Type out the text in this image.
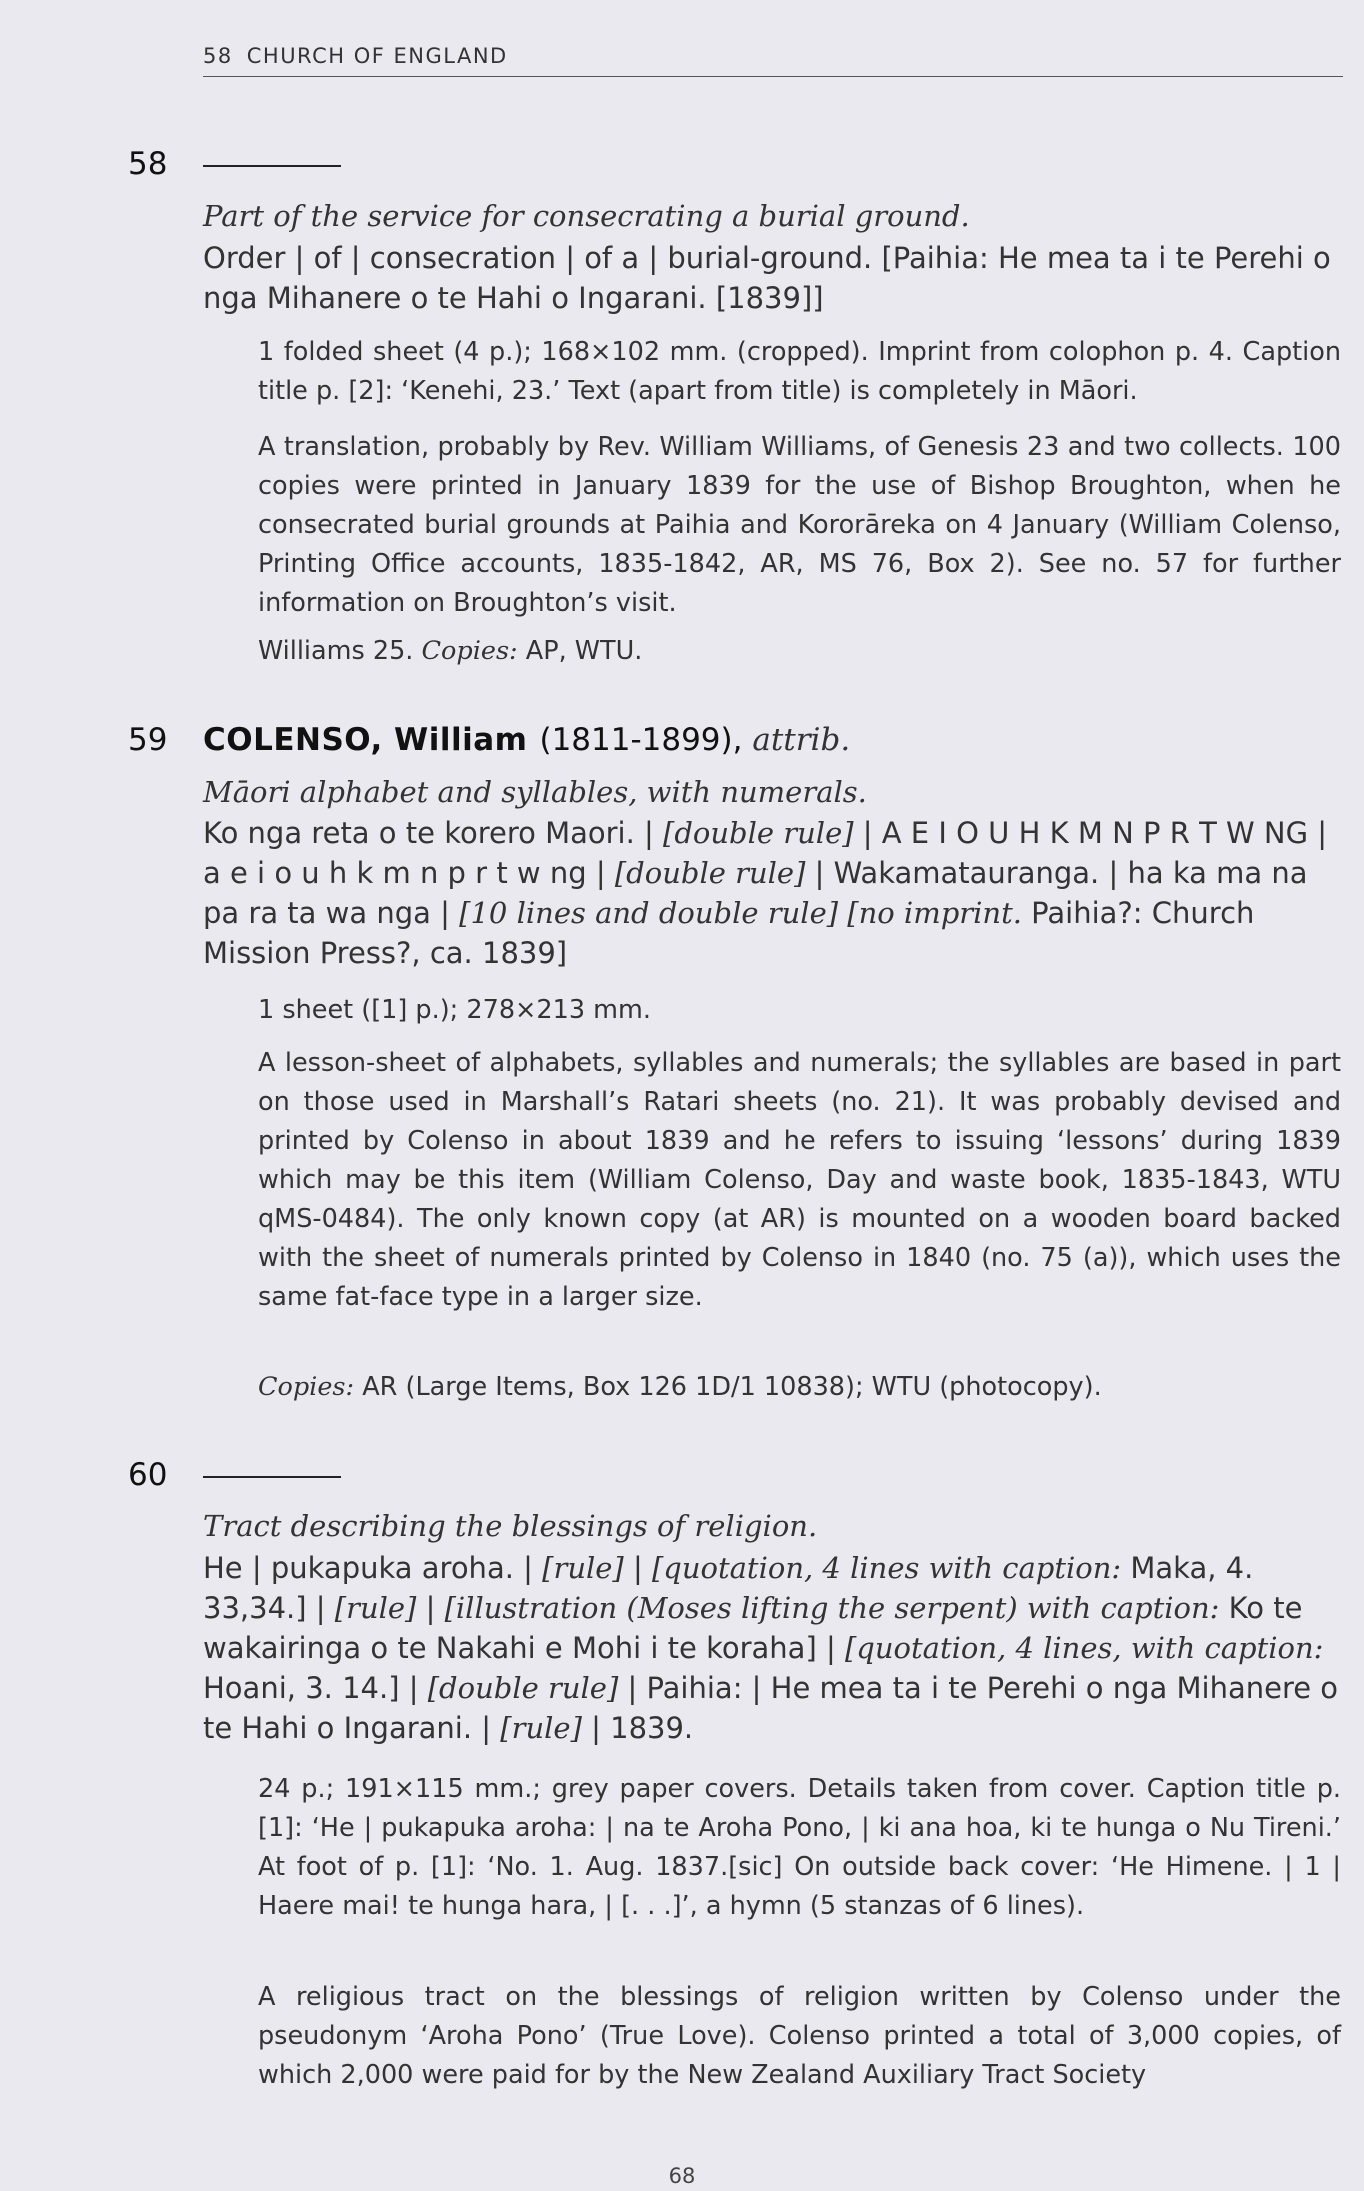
58 CHURCH OF ENGLAND
58
Part of the service for consecrating a burial ground.
Order | of | consecration | of a | burial-ground. [Paihia: He mea ta i te Perehi o nga Mihanere o te Hahi o Ingarani. [1839]]
1 folded sheet (4 p.); 168×102 mm. (cropped). Imprint from colophon p. 4. Caption title p. [2]: ‘Kenehi, 23.’ Text (apart from title) is completely in Māori.
A translation, probably by Rev. William Williams, of Genesis 23 and two collects. 100 copies were printed in January 1839 for the use of Bishop Broughton, when he consecrated burial grounds at Paihia and Kororāreka on 4 January (William Colenso, Printing Office accounts, 1835-1842, AR, MS 76, Box 2). See no. 57 for further information on Broughton’s visit.
Williams 25. Copies: AP, WTU.
59 COLENSO, William (1811-1899), attrib.
Māori alphabet and syllables, with numerals.
Ko nga reta o te korero Maori. | [double rule] | A E I O U H K M N P R T W NG | a e i o u h k m n p r t w ng | [double rule] | Wakamatauranga. | ha ka ma na pa ra ta wa nga | [10 lines and double rule] [no imprint. Paihia?: Church Mission Press?, ca. 1839]
1 sheet ([1] p.); 278×213 mm.
A lesson-sheet of alphabets, syllables and numerals; the syllables are based in part on those used in Marshall’s Ratari sheets (no. 21). It was probably devised and printed by Colenso in about 1839 and he refers to issuing ‘lessons’ during 1839 which may be this item (William Colenso, Day and waste book, 1835-1843, WTU qMS-0484). The only known copy (at AR) is mounted on a wooden board backed with the sheet of numerals printed by Colenso in 1840 (no. 75 (a)), which uses the same fat-face type in a larger size.
Copies: AR (Large Items, Box 126 1D/1 10838); WTU (photocopy).
60
Tract describing the blessings of religion.
He | pukapuka aroha. | [rule] | [quotation, 4 lines with caption: Maka, 4. 33,34.] | [rule] | [illustration (Moses lifting the serpent) with caption: Ko te wakairinga o te Nakahi e Mohi i te koraha] | [quotation, 4 lines, with caption: Hoani, 3. 14.] | [double rule] | Paihia: | He mea ta i te Perehi o nga Mihanere o te Hahi o Ingarani. | [rule] | 1839.
24 p.; 191×115 mm.; grey paper covers. Details taken from cover. Caption title p. [1]: ‘He | pukapuka aroha: | na te Aroha Pono, | ki ana hoa, ki te hunga o Nu Tireni.’ At foot of p. [1]: ‘No. 1. Aug. 1837.[sic] On outside back cover: ‘He Himene. | 1 | Haere mai! te hunga hara, | [. . .]’, a hymn (5 stanzas of 6 lines).
A religious tract on the blessings of religion written by Colenso under the pseudonym ‘Aroha Pono’ (True Love). Colenso printed a total of 3,000 copies, of which 2,000 were paid for by the New Zealand Auxiliary Tract Society
68
